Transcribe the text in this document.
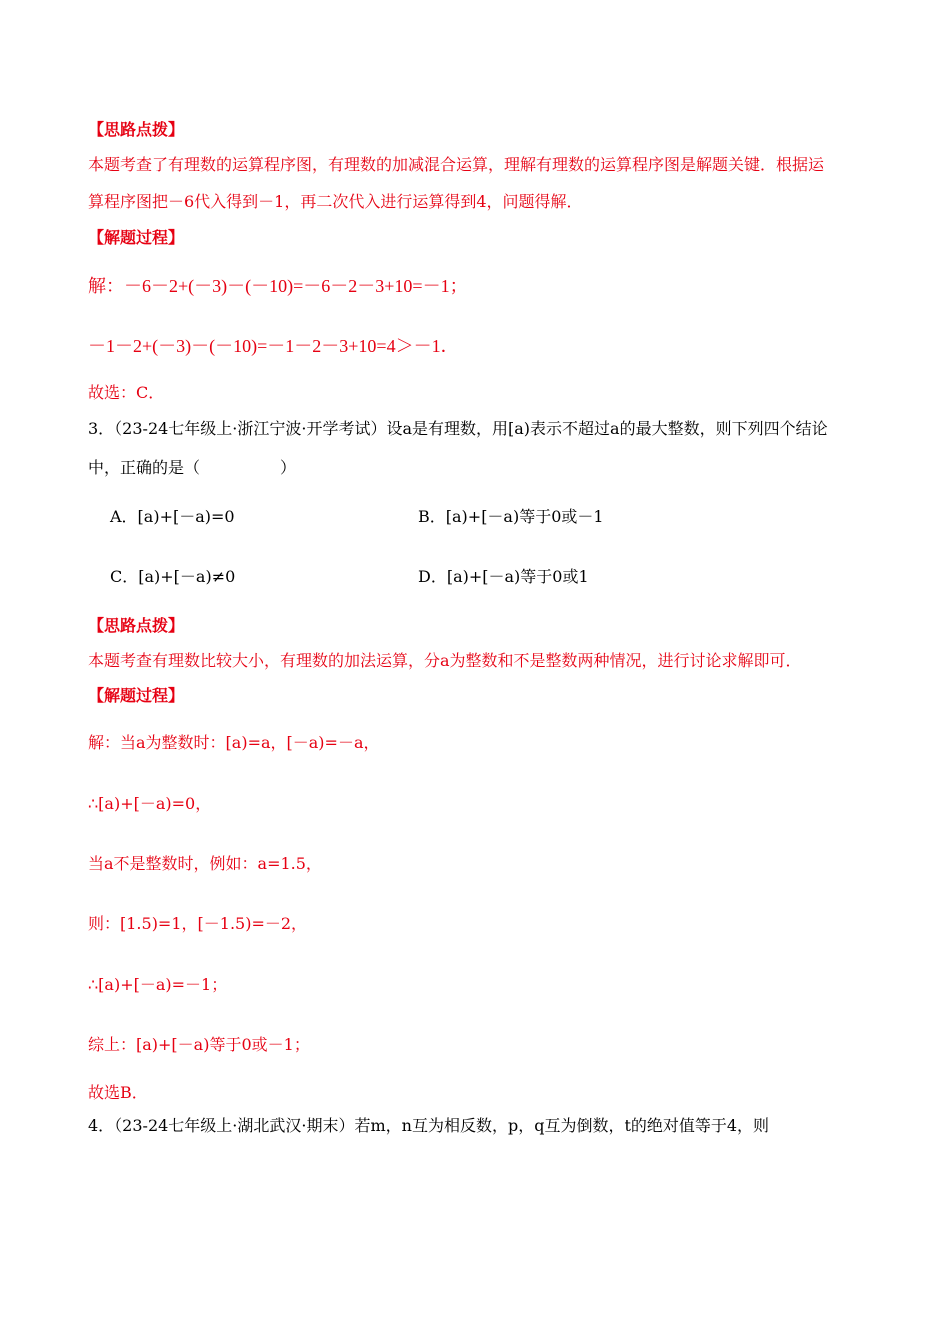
【思路点拨】
本题考查了有理数的运算程序图，有理数的加减混合运算，理解有理数的运算程序图是解题关键．根据运
算程序图把－6代入得到－1，再二次代入进行运算得到4，问题得解．
【解题过程】
解：－6－2+(－3)－(－10)=－6－2－3+10=－1；
－1－2+(－3)－(－10)=－1－2－3+10=4＞－1．
故选：C．
3．（23-24七年级上·浙江宁波·开学考试）设a是有理数，用[a)表示不超过a的最大整数，则下列四个结论
中，正确的是（　　　　　）
A．[a)+[－a)=0	B．[a)+[－a)等于0或－1
C．[a)+[－a)≠0	D．[a)+[－a)等于0或1
【思路点拨】
本题考查有理数比较大小，有理数的加法运算，分a为整数和不是整数两种情况，进行讨论求解即可．
【解题过程】
解：当a为整数时：[a)=a，[－a)=－a，
∴[a)+[－a)=0，
当a不是整数时，例如：a=1.5，
则：[1.5)=1，[－1.5)=－2，
∴[a)+[－a)=－1；
综上：[a)+[－a)等于0或－1；
故选B．
4．（23-24七年级上·湖北武汉·期末）若m，n互为相反数，p，q互为倒数，t的绝对值等于4，则
